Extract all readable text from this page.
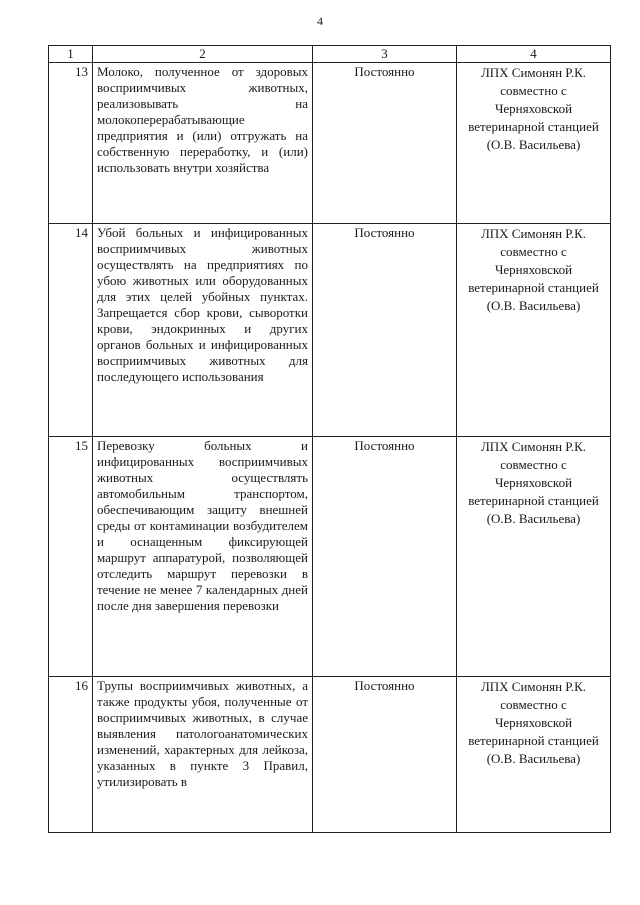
4
1	2	3	4
13	Молоко, полученное от здоровых восприимчивых животных, реализовывать на молокоперерабатывающие предприятия и (или) отгружать на собственную переработку, и (или) использовать внутри хозяйства	Постоянно	ЛПХ Симонян Р.К. совместно с Черняховской ветеринарной станцией (О.В. Васильева)
14	Убой больных и инфицированных восприимчивых животных осуществлять на предприятиях по убою животных или оборудованных для этих целей убойных пунктах. Запрещается сбор крови, сыворотки крови, эндокринных и других органов больных и инфицированных восприимчивых животных для последующего использования	Постоянно	ЛПХ Симонян Р.К. совместно с Черняховской ветеринарной станцией (О.В. Васильева)
15	Перевозку больных и инфицированных восприимчивых животных осуществлять автомобильным транспортом, обеспечивающим защиту внешней среды от контаминации возбудителем и оснащенным фиксирующей маршрут аппаратурой, позволяющей отследить маршрут перевозки в течение не менее 7 календарных дней после дня завершения перевозки	Постоянно	ЛПХ Симонян Р.К. совместно с Черняховской ветеринарной станцией (О.В. Васильева)
16	Трупы восприимчивых животных, а также продукты убоя, полученные от восприимчивых животных, в случае выявления патологоанатомических изменений, характерных для лейкоза, указанных в пункте 3 Правил, утилизировать в	Постоянно	ЛПХ Симонян Р.К. совместно с Черняховской ветеринарной станцией (О.В. Васильева)
